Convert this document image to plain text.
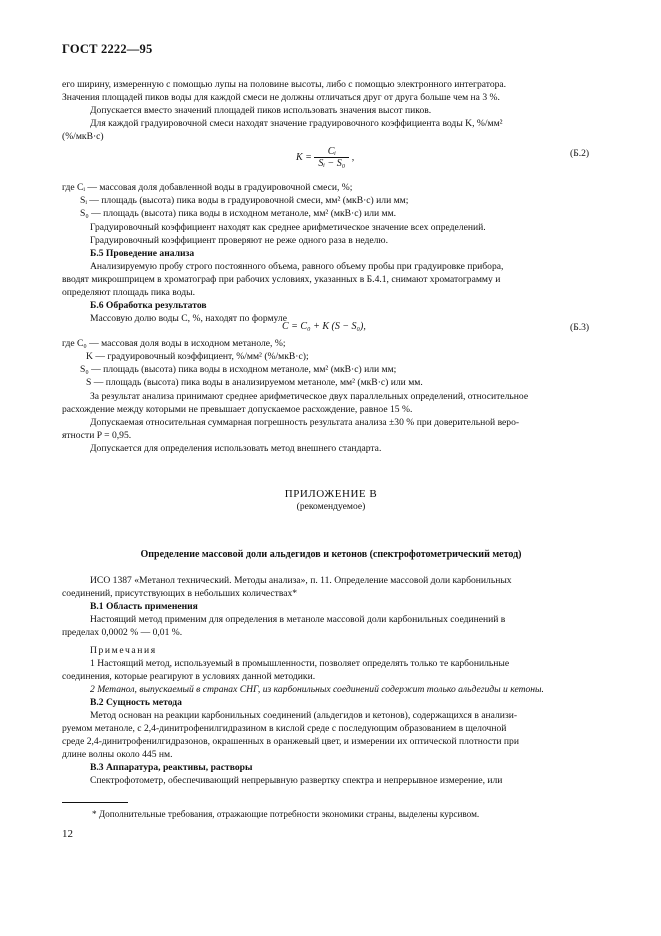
ГОСТ 2222—95
его ширину, измеренную с помощью лупы на половине высоты, либо с помощью электронного интегратора.
Значения площадей пиков воды для каждой смеси не должны отличаться друг от друга больше чем на 3 %.
Допускается вместо значений площадей пиков использовать значения высот пиков.
Для каждой градуировочной смеси находят значение градуировочного коэффициента воды K, %/мм²
(%/мкВ·с)
$K = \frac{\text{Cᵢ}}{\text{Sᵢ − S₀}}$ ,	(Б.2)
где Cᵢ — массовая доля добавленной воды в градуировочной смеси, %;
Sᵢ — площадь (высота) пика воды в градуировочной смеси, мм² (мкВ·с) или мм;
S₀ — площадь (высота) пика воды в исходном метаноле, мм² (мкВ·с) или мм.
Градуировочный коэффициент находят как среднее арифметическое значение всех определений.
Градуировочный коэффициент проверяют не реже одного раза в неделю.
Б.5 Проведение анализа
Анализируемую пробу строго постоянного объема, равного объему пробы при градуировке прибора,
вводят микрошприцем в хроматограф при рабочих условиях, указанных в Б.4.1, снимают хроматограмму и
определяют площадь пика воды.
Б.6 Обработка результатов
Массовую долю воды C, %, находят по формуле
C = C₀ + K (S − S₀),	(Б.3)
где C₀ — массовая доля воды в исходном метаноле, %;
K — градуировочный коэффициент, %/мм² (%/мкВ·с);
S₀ — площадь (высота) пика воды в исходном метаноле, мм² (мкВ·с) или мм;
S — площадь (высота) пика воды в анализируемом метаноле, мм² (мкВ·с) или мм.
За результат анализа принимают среднее арифметическое двух параллельных определений, относительное
расхождение между которыми не превышает допускаемое расхождение, равное 15 %.
Допускаемая относительная суммарная погрешность результата анализа ±30 % при доверительной веро-
ятности P = 0,95.
Допускается для определения использовать метод внешнего стандарта.
ПРИЛОЖЕНИЕ В
(рекомендуемое)
Определение массовой доли альдегидов и кетонов (спектрофотометрический метод)
ИСО 1387 «Метанол технический. Методы анализа», п. 11. Определение массовой доли карбонильных
соединений, присутствующих в небольших количествах*
В.1 Область применения
Настоящий метод применим для определения в метаноле массовой доли карбонильных соединений в
пределах 0,0002 % — 0,01 %.
Примечания
1 Настоящий метод, используемый в промышленности, позволяет определять только те карбонильные
соединения, которые реагируют в условиях данной методики.
2 Метанол, выпускаемый в странах СНГ, из карбонильных соединений содержит только альдегиды и кетоны.
В.2 Сущность метода
Метод основан на реакции карбонильных соединений (альдегидов и кетонов), содержащихся в анализи-
руемом метаноле, с 2,4-динитрофенилгидразином в кислой среде с последующим образованием в щелочной
среде 2,4-динитрофенилгидразонов, окрашенных в оранжевый цвет, и измерении их оптической плотности при
длине волны около 445 нм.
В.3 Аппаратура, реактивы, растворы
Спектрофотометр, обеспечивающий непрерывную развертку спектра и непрерывное измерение, или
* Дополнительные требования, отражающие потребности экономики страны, выделены курсивом.
12
